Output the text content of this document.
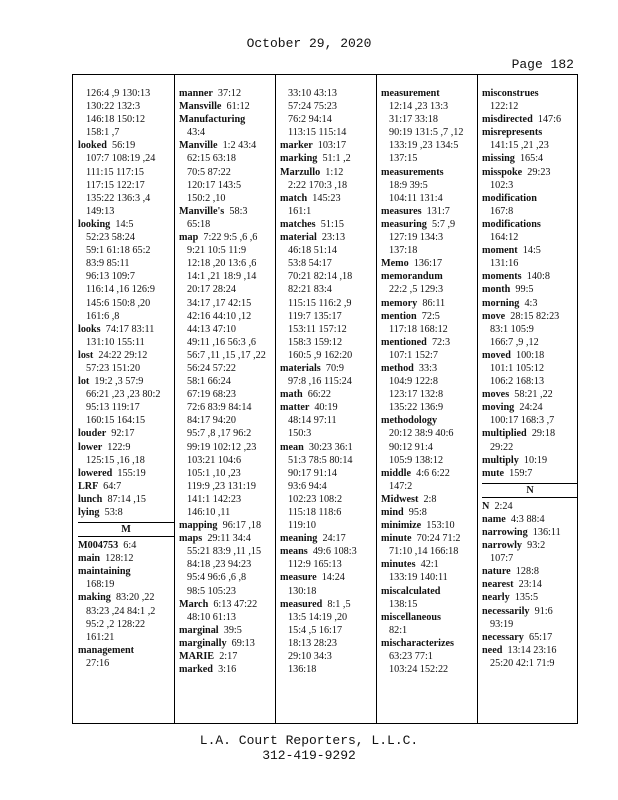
October 29, 2020
Page 182
126:4 ,9 130:13
130:22 132:3
146:18 150:12
158:1 ,7
looked 56:19
107:7 108:19 ,24
111:15 117:15
117:15 122:17
135:22 136:3 ,4
149:13
looking 14:5
52:23 58:24
59:1 61:18 65:2
83:9 85:11
96:13 109:7
116:14 ,16 126:9
145:6 150:8 ,20
161:6 ,8
looks 74:17 83:11
131:10 155:11
lost 24:22 29:12
57:23 151:20
lot 19:2 ,3 57:9
66:21 ,23 ,23 80:2
95:13 119:17
160:15 164:15
louder 92:17
lower 122:9
125:15 ,16 ,18
lowered 155:19
LRF 64:7
lunch 87:14 ,15
lying 53:8
M
M004753 6:4
main 128:12
maintaining
168:19
making 83:20 ,22
83:23 ,24 84:1 ,2
95:2 ,2 128:22
161:21
management
27:16
manner 37:12
Mansville 61:12
Manufacturing
43:4
Manville 1:2 43:4
62:15 63:18
70:5 87:22
120:17 143:5
150:2 ,10
Manville's 58:3
65:18
map 7:22 9:5 ,6 ,6
9:21 10:5 11:9
12:18 ,20 13:6 ,6
14:1 ,21 18:9 ,14
20:17 28:24
34:17 ,17 42:15
42:16 44:10 ,12
44:13 47:10
49:11 ,16 56:3 ,6
56:7 ,11 ,15 ,17 ,22
56:24 57:22
58:1 66:24
67:19 68:23
72:6 83:9 84:14
84:17 94:20
95:7 ,8 ,17 96:2
99:19 102:12 ,23
103:21 104:6
105:1 ,10 ,23
119:9 ,23 131:19
141:1 142:23
146:10 ,11
mapping 96:17 ,18
maps 29:11 34:4
55:21 83:9 ,11 ,15
84:18 ,23 94:23
95:4 96:6 ,6 ,8
98:5 105:23
March 6:13 47:22
48:10 61:13
marginal 39:5
marginally 69:13
MARIE 2:17
marked 3:16
33:10 43:13
57:24 75:23
76:2 94:14
113:15 115:14
marker 103:17
marking 51:1 ,2
Marzullo 1:12
2:22 170:3 ,18
match 145:23
161:1
matches 51:15
material 23:13
46:18 51:14
53:8 54:17
70:21 82:14 ,18
82:21 83:4
115:15 116:2 ,9
119:7 135:17
153:11 157:12
158:3 159:12
160:5 ,9 162:20
materials 70:9
97:8 ,16 115:24
math 66:22
matter 40:19
48:14 97:11
150:3
mean 30:23 36:1
51:3 78:5 80:14
90:17 91:14
93:6 94:4
102:23 108:2
115:18 118:6
119:10
meaning 24:17
means 49:6 108:3
112:9 165:13
measure 14:24
130:18
measured 8:1 ,5
13:5 14:19 ,20
15:4 ,5 16:17
18:13 28:23
29:10 34:3
136:18
measurement
12:14 ,23 13:3
31:17 33:18
90:19 131:5 ,7 ,12
133:19 ,23 134:5
137:15
measurements
18:9 39:5
104:11 131:4
measures 131:7
measuring 5:7 ,9
127:19 134:3
137:18
Memo 136:17
memorandum
22:2 ,5 129:3
memory 86:11
mention 72:5
117:18 168:12
mentioned 72:3
107:1 152:7
method 33:3
104:9 122:8
123:17 132:8
135:22 136:9
methodology
20:12 38:9 40:6
90:12 91:4
105:9 138:12
middle 4:6 6:22
147:2
Midwest 2:8
mind 95:8
minimize 153:10
minute 70:24 71:2
71:10 ,14 166:18
minutes 42:1
133:19 140:11
miscalculated
138:15
miscellaneous
82:1
mischaracterizes
63:23 77:1
103:24 152:22
misconstrues
122:12
misdirected 147:6
misrepresents
141:15 ,21 ,23
missing 165:4
misspoke 29:23
102:3
modification
167:8
modifications
164:12
moment 14:5
131:16
moments 140:8
month 99:5
morning 4:3
move 28:15 82:23
83:1 105:9
166:7 ,9 ,12
moved 100:18
101:1 105:12
106:2 168:13
moves 58:21 ,22
moving 24:24
100:17 168:3 ,7
multiplied 29:18
29:22
multiply 10:19
mute 159:7
N
N 2:24
name 4:3 88:4
narrowing 136:11
narrowly 93:2
107:7
nature 128:8
nearest 23:14
nearly 135:5
necessarily 91:6
93:19
necessary 65:17
need 13:14 23:16
25:20 42:1 71:9
L.A. Court Reporters, L.L.C.
312-419-9292
